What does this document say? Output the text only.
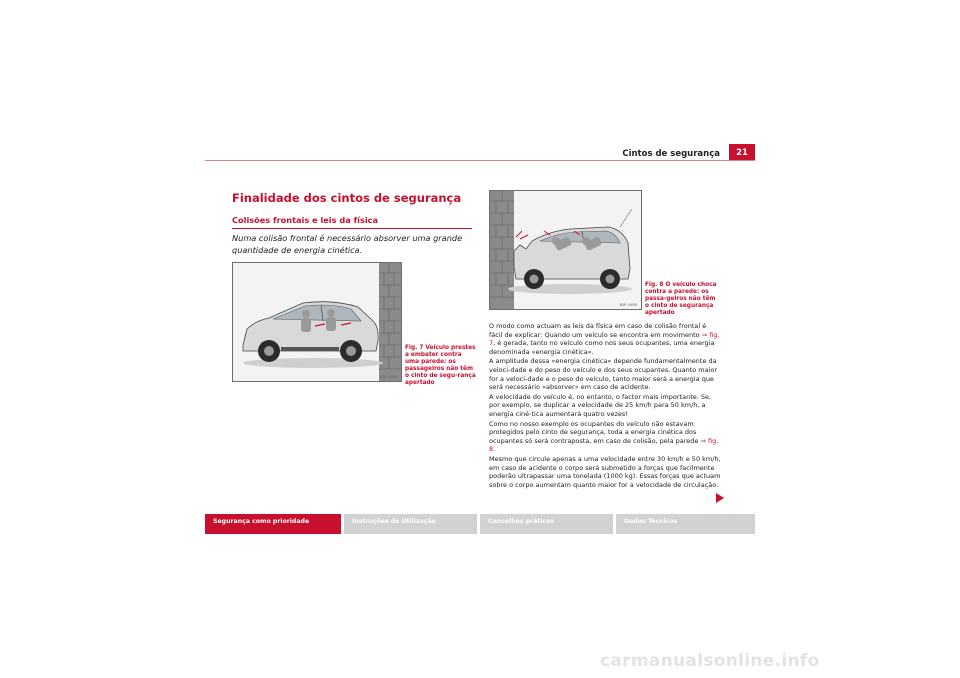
Cintos de segurança	21
Finalidade dos cintos de segurança
Colisões frontais e leis da física
Numa colisão frontal é necessário absorver uma grande quantidade de energia cinética.
B5P-0498
Fig. 7 Veículo prestes a embater contra uma parede: os passageiros não têm o cinto de segu-rança apertado
B5P-0499
Fig. 8 O veículo choca contra a parede: os passa-geiros não têm o cinto de segurança apertado

O modo como actuam as leis da física em caso de colisão frontal é fácil de explicar: Quando um veículo se encontra em movimento ⇒ fig. 7, é gerada, tanto no veículo como nos seus ocupantes, uma energia denominada «energia cinética».

A amplitude dessa «energia cinética» depende fundamentalmente da veloci-dade e do peso do veículo e dos seus ocupantes. Quanto maior for a veloci-dade e o peso do veículo, tanto maior será a energia que será necessário «absorver» em caso de acidente.

A velocidade do veículo é, no entanto, o factor mais importante. Se, por exemplo, se duplicar a velocidade de 25 km/h para 50 km/h, a energia ciné-tica aumentará quatro vezes!

Como no nosso exemplo os ocupantes do veículo não estavam protegidos pelo cinto de segurança, toda a energia cinética dos ocupantes só será contraposta, em caso de colisão, pela parede ⇒ fig. 8.

Mesmo que circule apenas a uma velocidade entre 30 km/h e 50 km/h, em caso de acidente o corpo será submetido a forças que facilmente poderão ultrapassar uma tonelada (1000 kg). Essas forças que actuam sobre o corpo aumentam quanto maior for a velocidade de circulação.

Segurança como prioridade	Instruções de Utilização	Conselhos práticos	Dados Técnicos
carmanualsonline.info
